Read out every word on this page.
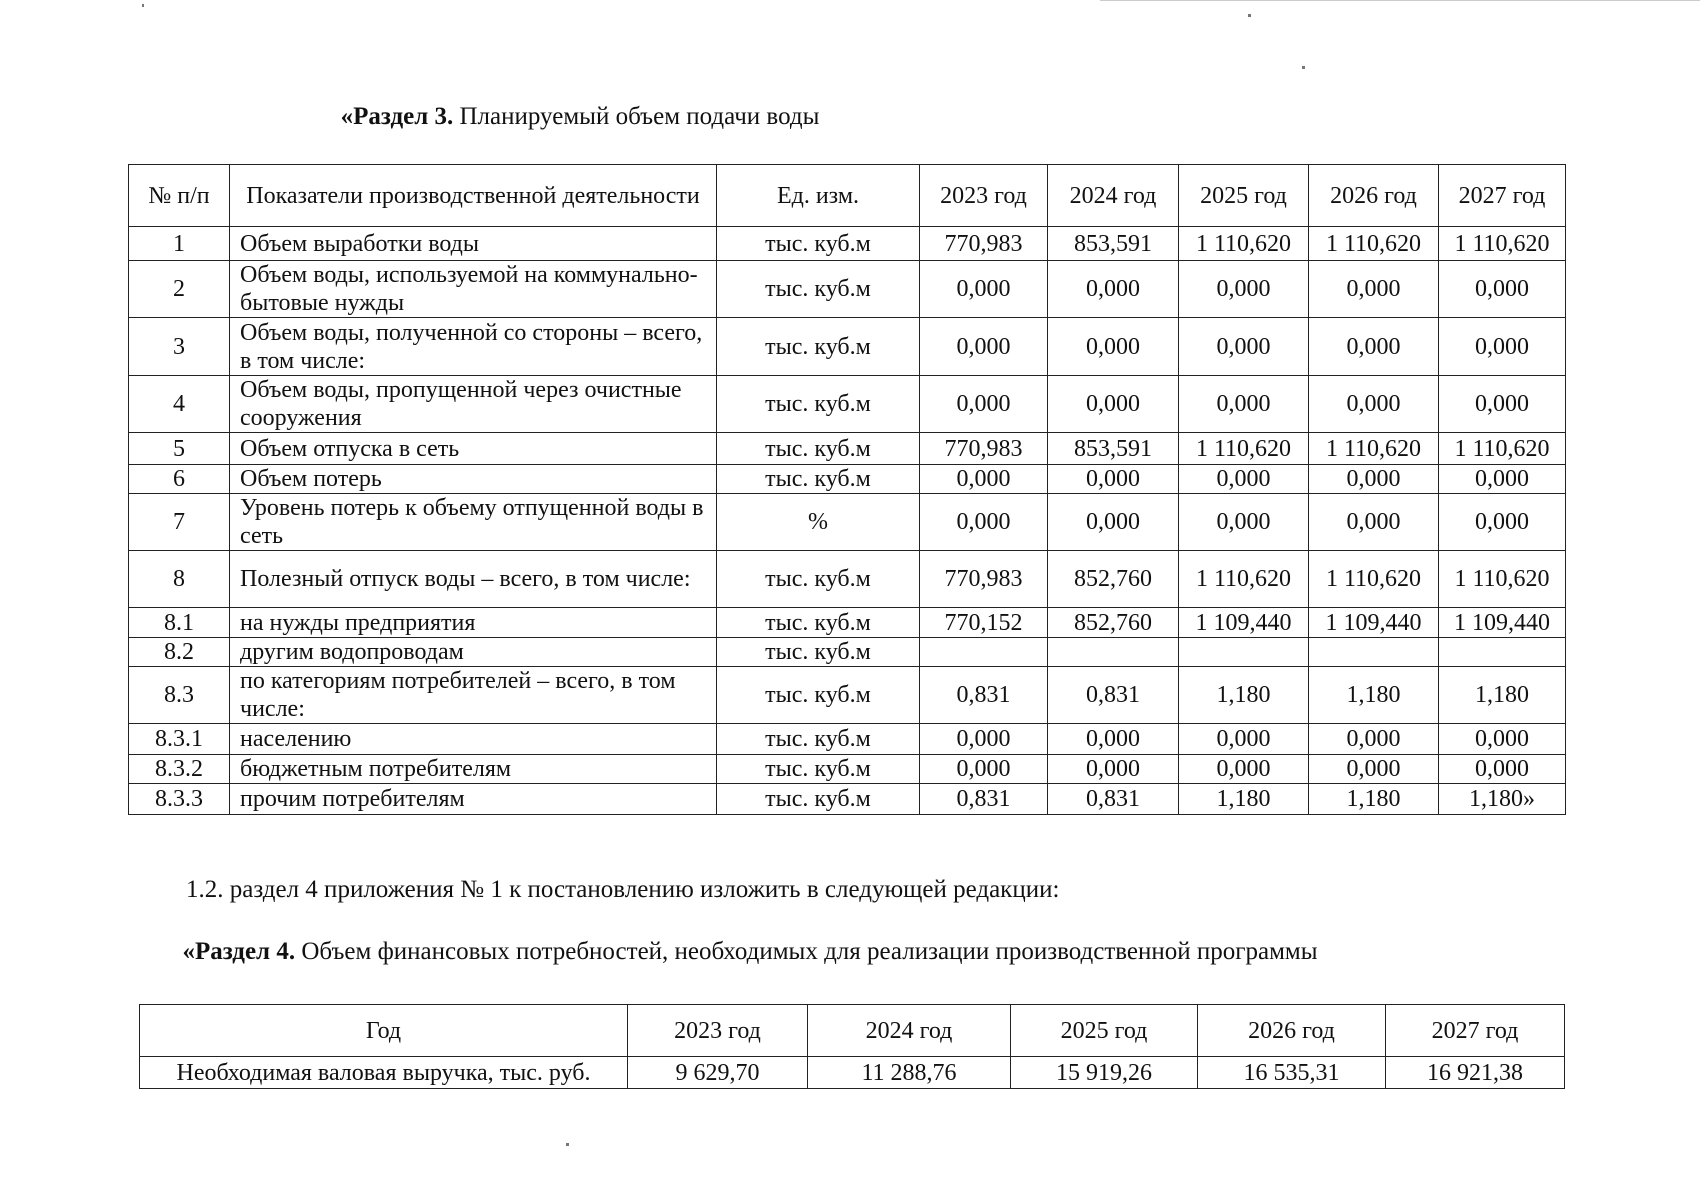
«Раздел 3. Планируемый объем подачи воды
№ п/п	Показатели производственной деятельности	Ед. изм.	2023 год	2024 год	2025 год	2026 год	2027 год
1	Объем выработки воды	тыс. куб.м	770,983	853,591	1 110,620	1 110,620	1 110,620
2	Объем воды, используемой на коммунально-бытовые нужды	тыс. куб.м	0,000	0,000	0,000	0,000	0,000
3	Объем воды, полученной со стороны – всего, в том числе:	тыс. куб.м	0,000	0,000	0,000	0,000	0,000
4	Объем воды, пропущенной через очистные сооружения	тыс. куб.м	0,000	0,000	0,000	0,000	0,000
5	Объем отпуска в сеть	тыс. куб.м	770,983	853,591	1 110,620	1 110,620	1 110,620
6	Объем потерь	тыс. куб.м	0,000	0,000	0,000	0,000	0,000
7	Уровень потерь к объему отпущенной воды в сеть	%	0,000	0,000	0,000	0,000	0,000
8	Полезный отпуск воды – всего, в том числе:	тыс. куб.м	770,983	852,760	1 110,620	1 110,620	1 110,620
8.1	на нужды предприятия	тыс. куб.м	770,152	852,760	1 109,440	1 109,440	1 109,440
8.2	другим водопроводам	тыс. куб.м					
8.3	по категориям потребителей – всего, в том числе:	тыс. куб.м	0,831	0,831	1,180	1,180	1,180
8.3.1	населению	тыс. куб.м	0,000	0,000	0,000	0,000	0,000
8.3.2	бюджетным потребителям	тыс. куб.м	0,000	0,000	0,000	0,000	0,000
8.3.3	прочим потребителям	тыс. куб.м	0,831	0,831	1,180	1,180	1,180»
1.2. раздел 4 приложения № 1 к постановлению изложить в следующей редакции:
«Раздел 4. Объем финансовых потребностей, необходимых для реализации производственной программы
Год	2023 год	2024 год	2025 год	2026 год	2027 год
Необходимая валовая выручка, тыс. руб.	9 629,70	11 288,76	15 919,26	16 535,31	16 921,38
